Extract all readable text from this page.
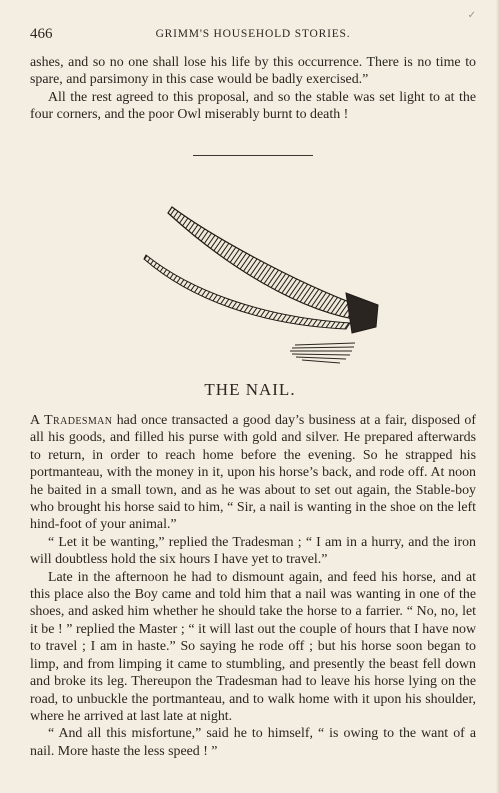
466	GRIMM'S HOUSEHOLD STORIES.
✓

ashes, and so no one shall lose his life by this occurrence. There is no time to spare, and parsimony in this case would be badly exercised.”

All the rest agreed to this proposal, and so the stable was set light to at the four corners, and the poor Owl miserably burnt to death !

THE NAIL.

A Tradesman had once transacted a good day’s business at a fair, disposed of all his goods, and filled his purse with gold and silver. He prepared afterwards to return, in order to reach home before the evening. So he strapped his portmanteau, with the money in it, upon his horse’s back, and rode off. At noon he baited in a small town, and as he was about to set out again, the Stable-boy who brought his horse said to him, “ Sir, a nail is wanting in the shoe on the left hind-foot of your animal.”

“ Let it be wanting,” replied the Tradesman ; “ I am in a hurry, and the iron will doubtless hold the six hours I have yet to travel.”

Late in the afternoon he had to dismount again, and feed his horse, and at this place also the Boy came and told him that a nail was wanting in one of the shoes, and asked him whether he should take the horse to a farrier. “ No, no, let it be ! ” replied the Master ; “ it will last out the couple of hours that I have now to travel ; I am in haste.” So saying he rode off ; but his horse soon began to limp, and from limping it came to stumbling, and presently the beast fell down and broke its leg. Thereupon the Tradesman had to leave his horse lying on the road, to unbuckle the portmanteau, and to walk home with it upon his shoulder, where he arrived at last late at night.

“ And all this misfortune,” said he to himself, “ is owing to the want of a nail. More haste the less speed ! ”
